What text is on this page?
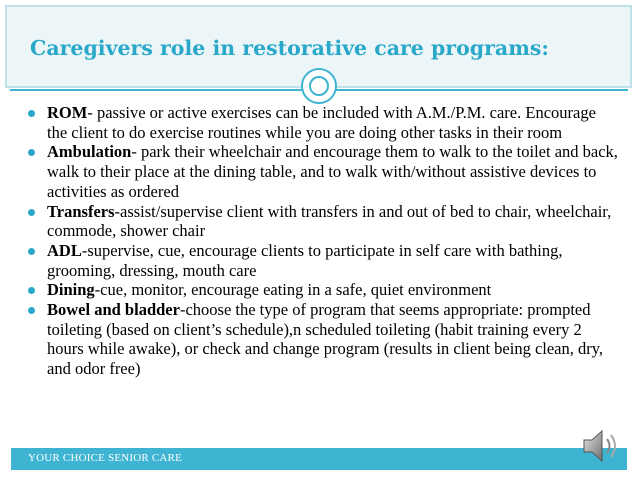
Caregivers role in restorative care programs:
ROM- passive or active exercises can be included with A.M./P.M. care. Encourage the client to do exercise routines while you are doing other tasks in their room
Ambulation- park their wheelchair and encourage them to walk to the toilet and back, walk to their place at the dining table, and to walk with/without assistive devices to activities as ordered
Transfers-assist/supervise client with transfers in and out of bed to chair, wheelchair, commode, shower chair
ADL-supervise, cue, encourage clients to participate in self care with bathing, grooming, dressing, mouth care
Dining-cue, monitor, encourage eating in a safe, quiet environment
Bowel and bladder-choose the type of program that seems appropriate: prompted toileting (based on client’s schedule),n scheduled toileting (habit training every 2 hours while awake), or check and change program (results in client being clean, dry, and odor free)
YOUR CHOICE SENIOR CARE
